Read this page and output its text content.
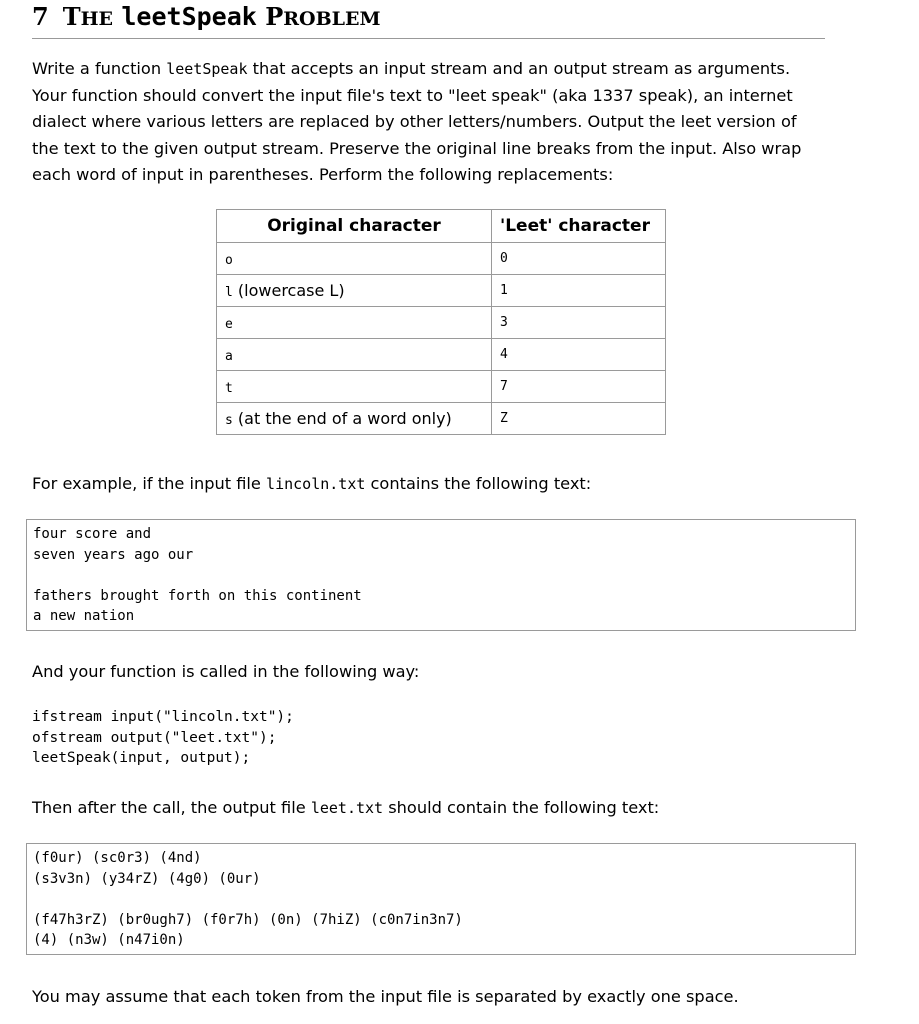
7 THE leetSpeak PROBLEM
Write a function leetSpeak that accepts an input stream and an output stream as arguments.
Your function should convert the input file's text to "leet speak" (aka 1337 speak), an internet
dialect where various letters are replaced by other letters/numbers. Output the leet version of
the text to the given output stream. Preserve the original line breaks from the input. Also wrap
each word of input in parentheses. Perform the following replacements:
Original character	'Leet' character
o	0
l (lowercase L)	1
e	3
a	4
t	7
s (at the end of a word only)	Z
For example, if the input file lincoln.txt contains the following text:
four score and
seven years ago our
fathers brought forth on this continent
a new nation
And your function is called in the following way:
ifstream input("lincoln.txt");
ofstream output("leet.txt");
leetSpeak(input, output);
Then after the call, the output file leet.txt should contain the following text:
(f0ur) (sc0r3) (4nd)
(s3v3n) (y34rZ) (4g0) (0ur)
(f47h3rZ) (br0ugh7) (f0r7h) (0n) (7hiZ) (c0n7in3n7)
(4) (n3w) (n47i0n)
You may assume that each token from the input file is separated by exactly one space.
